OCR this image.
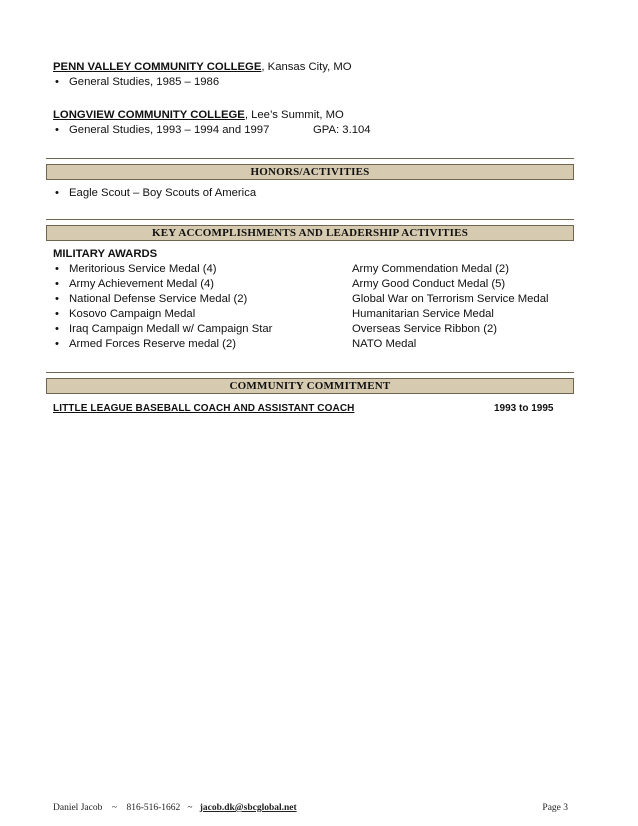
PENN VALLEY COMMUNITY COLLEGE, Kansas City, MO
• General Studies, 1985 – 1986
LONGVIEW COMMUNITY COLLEGE, Lee’s Summit, MO
• General Studies, 1993 – 1994 and 1997	GPA: 3.104
HONORS/ACTIVITIES
• Eagle Scout – Boy Scouts of America
KEY ACCOMPLISHMENTS AND LEADERSHIP ACTIVITIES
MILITARY AWARDS
• Meritorious Service Medal (4)	Army Commendation Medal (2)
• Army Achievement Medal (4)	Army Good Conduct Medal (5)
• National Defense Service Medal (2)	Global War on Terrorism Service Medal
• Kosovo Campaign Medal	Humanitarian Service Medal
• Iraq Campaign Medall w/ Campaign Star	Overseas Service Ribbon (2)
• Armed Forces Reserve medal (2)	NATO Medal
COMMUNITY COMMITMENT
LITTLE LEAGUE BASEBALL COACH AND ASSISTANT COACH	1993 to 1995
Daniel Jacob ~ 816-516-1662 ~ jacob.dk@sbcglobal.net	Page 3
